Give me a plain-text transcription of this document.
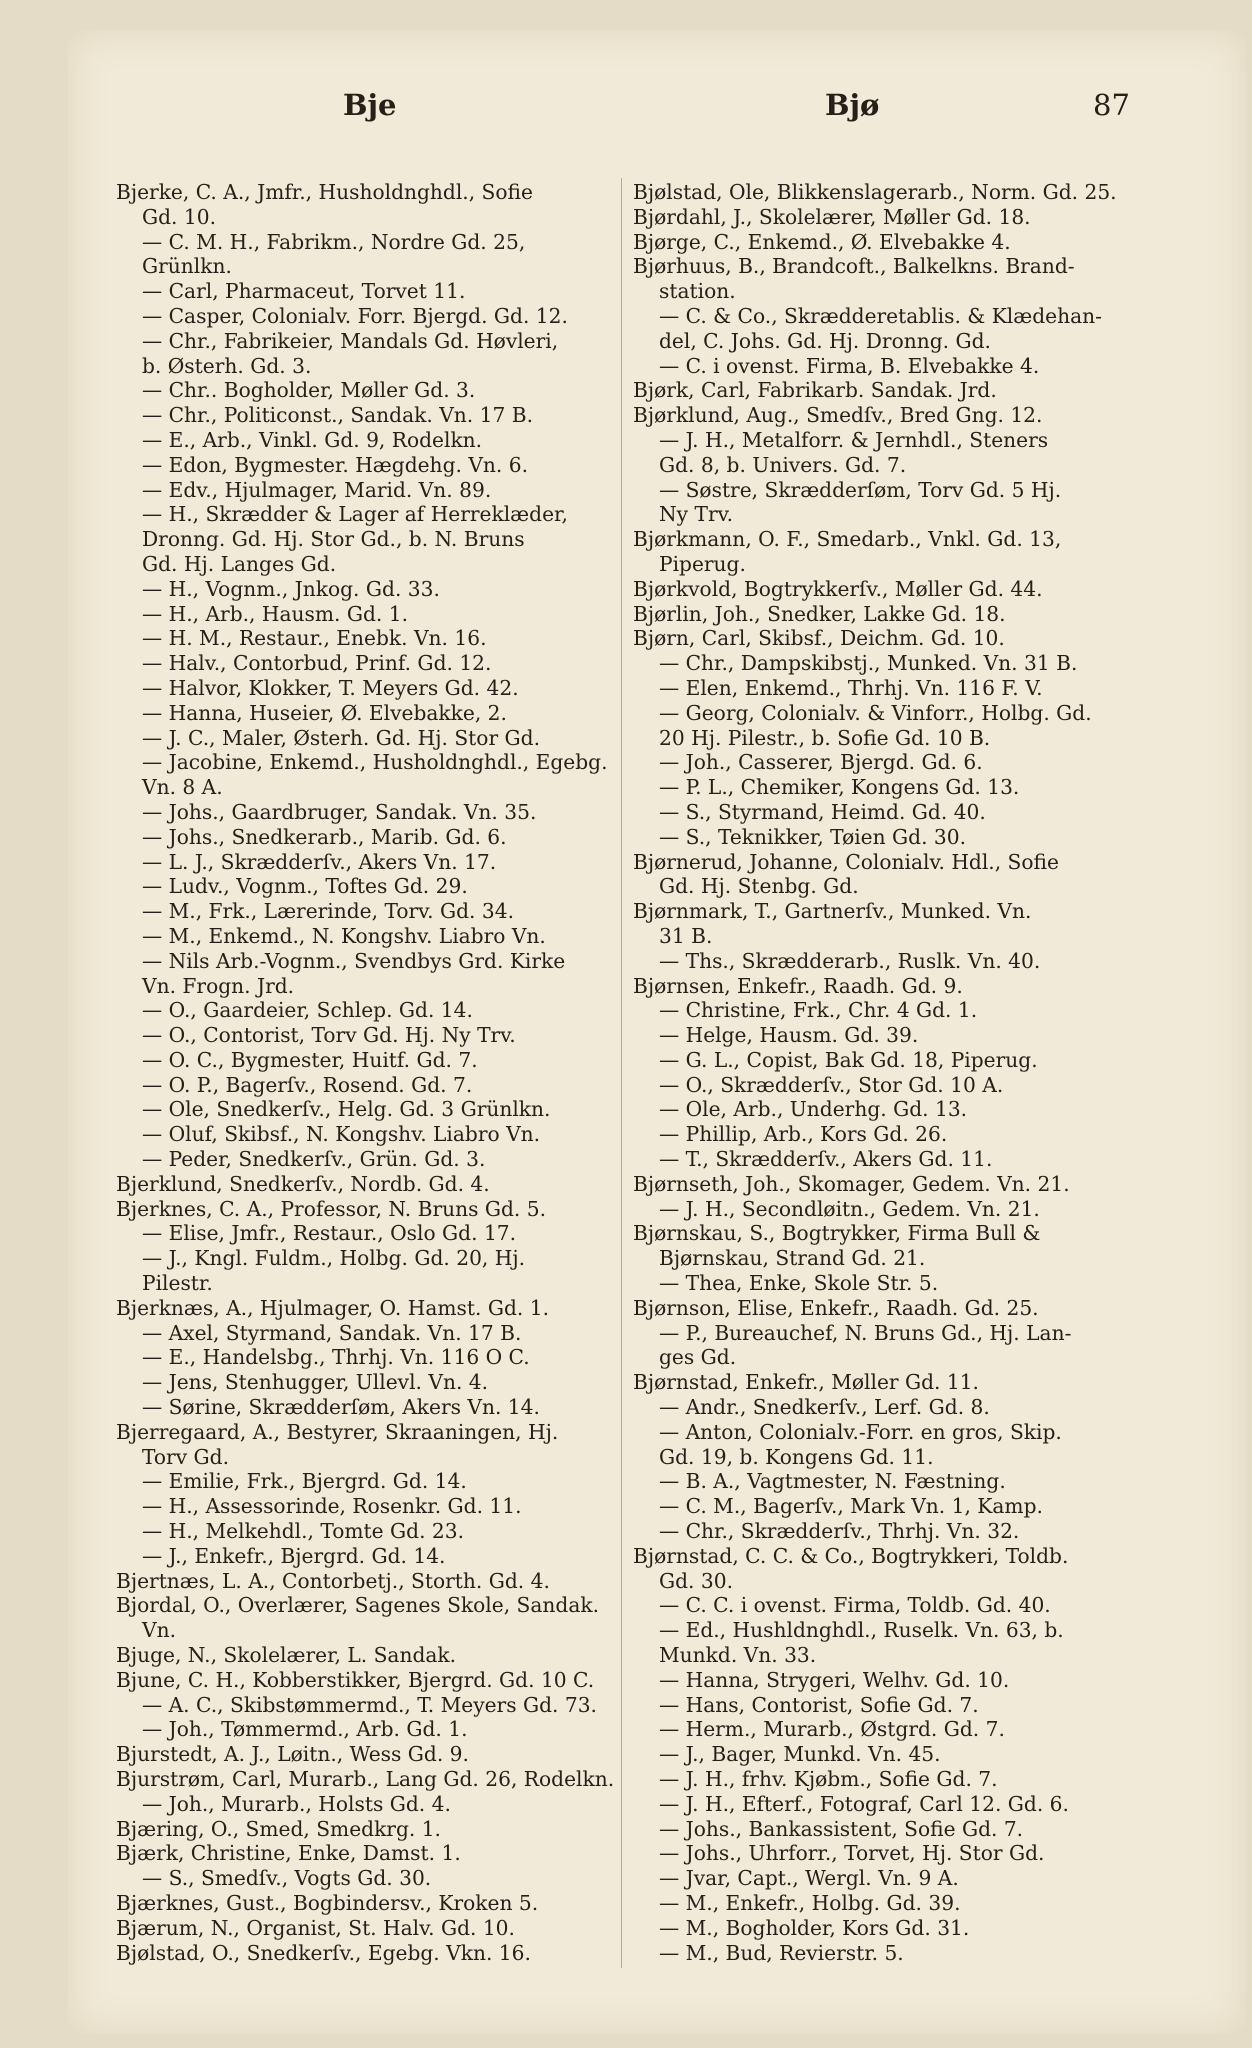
Bje	Bjø	87
Bjerke, C. A., Jmfr., Husholdnghdl., Sofie
Gd. 10.
— C. M. H., Fabrikm., Nordre Gd. 25,
Grünlkn.
— Carl, Pharmaceut, Torvet 11.
— Casper, Colonialv. Forr. Bjergd. Gd. 12.
— Chr., Fabrikeier, Mandals Gd. Høvleri,
b. Østerh. Gd. 3.
— Chr.. Bogholder, Møller Gd. 3.
— Chr., Politiconst., Sandak. Vn. 17 B.
— E., Arb., Vinkl. Gd. 9, Rodelkn.
— Edon, Bygmester. Hægdehg. Vn. 6.
— Edv., Hjulmager, Marid. Vn. 89.
— H., Skrædder & Lager af Herreklæder,
Dronng. Gd. Hj. Stor Gd., b. N. Bruns
Gd. Hj. Langes Gd.
— H., Vognm., Jnkog. Gd. 33.
— H., Arb., Hausm. Gd. 1.
— H. M., Restaur., Enebk. Vn. 16.
— Halv., Contorbud, Prinf. Gd. 12.
— Halvor, Klokker, T. Meyers Gd. 42.
— Hanna, Huseier, Ø. Elvebakke, 2.
— J. C., Maler, Østerh. Gd. Hj. Stor Gd.
— Jacobine, Enkemd., Husholdnghdl., Egebg.
Vn. 8 A.
— Johs., Gaardbruger, Sandak. Vn. 35.
— Johs., Snedkerarb., Marib. Gd. 6.
— L. J., Skrædderſv., Akers Vn. 17.
— Ludv., Vognm., Toftes Gd. 29.
— M., Frk., Lærerinde, Torv. Gd. 34.
— M., Enkemd., N. Kongshv. Liabro Vn.
— Nils Arb.-Vognm., Svendbys Grd. Kirke
Vn. Frogn. Jrd.
— O., Gaardeier, Schlep. Gd. 14.
— O., Contorist, Torv Gd. Hj. Ny Trv.
— O. C., Bygmester, Huitf. Gd. 7.
— O. P., Bagerſv., Rosend. Gd. 7.
— Ole, Snedkerſv., Helg. Gd. 3 Grünlkn.
— Oluf, Skibsf., N. Kongshv. Liabro Vn.
— Peder, Snedkerſv., Grün. Gd. 3.
Bjerklund, Snedkerſv., Nordb. Gd. 4.
Bjerknes, C. A., Professor, N. Bruns Gd. 5.
— Elise, Jmfr., Restaur., Oslo Gd. 17.
— J., Kngl. Fuldm., Holbg. Gd. 20, Hj.
Pilestr.
Bjerknæs, A., Hjulmager, O. Hamst. Gd. 1.
— Axel, Styrmand, Sandak. Vn. 17 B.
— E., Handelsbg., Thrhj. Vn. 116 O C.
— Jens, Stenhugger, Ullevl. Vn. 4.
— Sørine, Skrædderſøm, Akers Vn. 14.
Bjerregaard, A., Bestyrer, Skraaningen, Hj.
Torv Gd.
— Emilie, Frk., Bjergrd. Gd. 14.
— H., Assessorinde, Rosenkr. Gd. 11.
— H., Melkehdl., Tomte Gd. 23.
— J., Enkefr., Bjergrd. Gd. 14.
Bjertnæs, L. A., Contorbetj., Storth. Gd. 4.
Bjordal, O., Overlærer, Sagenes Skole, Sandak.
Vn.
Bjuge, N., Skolelærer, L. Sandak.
Bjune, C. H., Kobberstikker, Bjergrd. Gd. 10 C.
— A. C., Skibstømmermd., T. Meyers Gd. 73.
— Joh., Tømmermd., Arb. Gd. 1.
Bjurstedt, A. J., Løitn., Wess Gd. 9.
Bjurstrøm, Carl, Murarb., Lang Gd. 26, Rodelkn.
— Joh., Murarb., Holsts Gd. 4.
Bjæring, O., Smed, Smedkrg. 1.
Bjærk, Christine, Enke, Damst. 1.
— S., Smedſv., Vogts Gd. 30.
Bjærknes, Gust., Bogbindersv., Kroken 5.
Bjærum, N., Organist, St. Halv. Gd. 10.
Bjølstad, O., Snedkerſv., Egebg. Vkn. 16.
Bjølstad, Ole, Blikkenslagerarb., Norm. Gd. 25.
Bjørdahl, J., Skolelærer, Møller Gd. 18.
Bjørge, C., Enkemd., Ø. Elvebakke 4.
Bjørhuus, B., Brandcoft., Balkelkns. Brand-
station.
— C. & Co., Skrædderetablis. & Klædehan-
del, C. Johs. Gd. Hj. Dronng. Gd.
— C. i ovenst. Firma, B. Elvebakke 4.
Bjørk, Carl, Fabrikarb. Sandak. Jrd.
Bjørklund, Aug., Smedſv., Bred Gng. 12.
— J. H., Metalforr. & Jernhdl., Steners
Gd. 8, b. Univers. Gd. 7.
— Søstre, Skrædderſøm, Torv Gd. 5 Hj.
Ny Trv.
Bjørkmann, O. F., Smedarb., Vnkl. Gd. 13,
Piperug.
Bjørkvold, Bogtrykkerſv., Møller Gd. 44.
Bjørlin, Joh., Snedker, Lakke Gd. 18.
Bjørn, Carl, Skibsf., Deichm. Gd. 10.
— Chr., Dampskibstj., Munked. Vn. 31 B.
— Elen, Enkemd., Thrhj. Vn. 116 F. V.
— Georg, Colonialv. & Vinforr., Holbg. Gd.
20 Hj. Pilestr., b. Sofie Gd. 10 B.
— Joh., Casserer, Bjergd. Gd. 6.
— P. L., Chemiker, Kongens Gd. 13.
— S., Styrmand, Heimd. Gd. 40.
— S., Teknikker, Tøien Gd. 30.
Bjørnerud, Johanne, Colonialv. Hdl., Sofie
Gd. Hj. Stenbg. Gd.
Bjørnmark, T., Gartnerſv., Munked. Vn.
31 B.
— Ths., Skrædderarb., Ruslk. Vn. 40.
Bjørnsen, Enkefr., Raadh. Gd. 9.
— Christine, Frk., Chr. 4 Gd. 1.
— Helge, Hausm. Gd. 39.
— G. L., Copist, Bak Gd. 18, Piperug.
— O., Skrædderſv., Stor Gd. 10 A.
— Ole, Arb., Underhg. Gd. 13.
— Phillip, Arb., Kors Gd. 26.
— T., Skrædderſv., Akers Gd. 11.
Bjørnseth, Joh., Skomager, Gedem. Vn. 21.
— J. H., Secondløitn., Gedem. Vn. 21.
Bjørnskau, S., Bogtrykker, Firma Bull &
Bjørnskau, Strand Gd. 21.
— Thea, Enke, Skole Str. 5.
Bjørnson, Elise, Enkefr., Raadh. Gd. 25.
— P., Bureauchef, N. Bruns Gd., Hj. Lan-
ges Gd.
Bjørnstad, Enkefr., Møller Gd. 11.
— Andr., Snedkerſv., Lerf. Gd. 8.
— Anton, Colonialv.-Forr. en gros, Skip.
Gd. 19, b. Kongens Gd. 11.
— B. A., Vagtmester, N. Fæstning.
— C. M., Bagerſv., Mark Vn. 1, Kamp.
— Chr., Skrædderſv., Thrhj. Vn. 32.
Bjørnstad, C. C. & Co., Bogtrykkeri, Toldb.
Gd. 30.
— C. C. i ovenst. Firma, Toldb. Gd. 40.
— Ed., Hushldnghdl., Ruselk. Vn. 63, b.
Munkd. Vn. 33.
— Hanna, Strygeri, Welhv. Gd. 10.
— Hans, Contorist, Sofie Gd. 7.
— Herm., Murarb., Østgrd. Gd. 7.
— J., Bager, Munkd. Vn. 45.
— J. H., frhv. Kjøbm., Sofie Gd. 7.
— J. H., Efterf., Fotograf, Carl 12. Gd. 6.
— Johs., Bankassistent, Sofie Gd. 7.
— Johs., Uhrforr., Torvet, Hj. Stor Gd.
— Jvar, Capt., Wergl. Vn. 9 A.
— M., Enkefr., Holbg. Gd. 39.
— M., Bogholder, Kors Gd. 31.
— M., Bud, Revierstr. 5.
